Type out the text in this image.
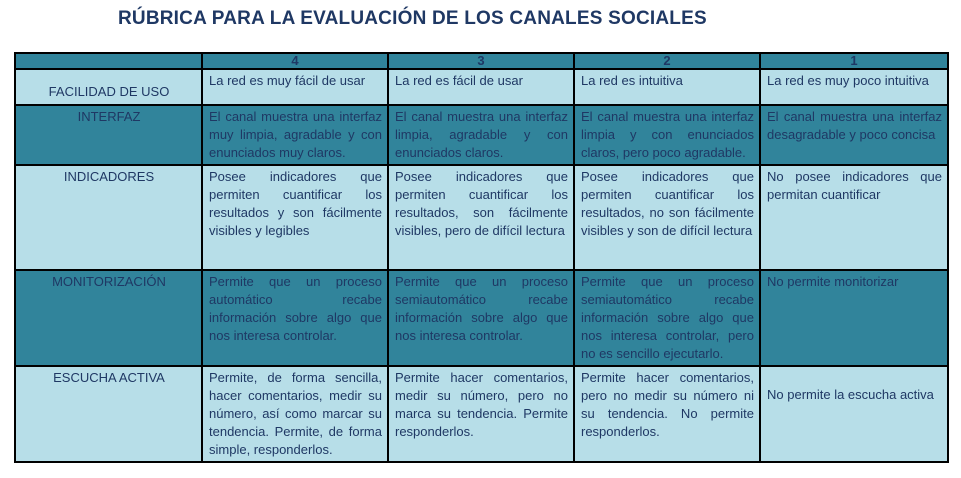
RÚBRICA PARA LA EVALUACIÓN DE LOS CANALES SOCIALES
	4	3	2	1
FACILIDAD DE USO	La red es muy fácil de usar	La red es fácil de usar	La red es intuitiva	La red es muy poco intuitiva
INTERFAZ	El canal muestra una interfaz muy limpia, agradable y con enunciados muy claros.	El canal muestra una interfaz limpia, agradable y con enunciados claros.	El canal muestra una interfaz limpia y con enunciados claros, pero poco agradable.	El canal muestra una interfaz desagradable y poco concisa
INDICADORES	Posee indicadores que permiten cuantificar los resultados y son fácilmente visibles y legibles	Posee indicadores que permiten cuantificar los resultados, son fácilmente visibles, pero de difícil lectura	Posee indicadores que permiten cuantificar los resultados, no son fácilmente visibles y son de difícil lectura	No posee indicadores que permitan cuantificar
MONITORIZACIÓN	Permite que un proceso automático recabe información sobre algo que nos interesa controlar.	Permite que un proceso semiautomático recabe información sobre algo que nos interesa controlar.	Permite que un proceso semiautomático recabe información sobre algo que nos interesa controlar, pero no es sencillo ejecutarlo.	No permite monitorizar
ESCUCHA ACTIVA	Permite, de forma sencilla, hacer comentarios, medir su número, así como marcar su tendencia. Permite, de forma simple, responderlos.	Permite hacer comentarios, medir su número, pero no marca su tendencia. Permite responderlos.	Permite hacer comentarios, pero no medir su número ni su tendencia. No permite responderlos.	No permite la escucha activa
